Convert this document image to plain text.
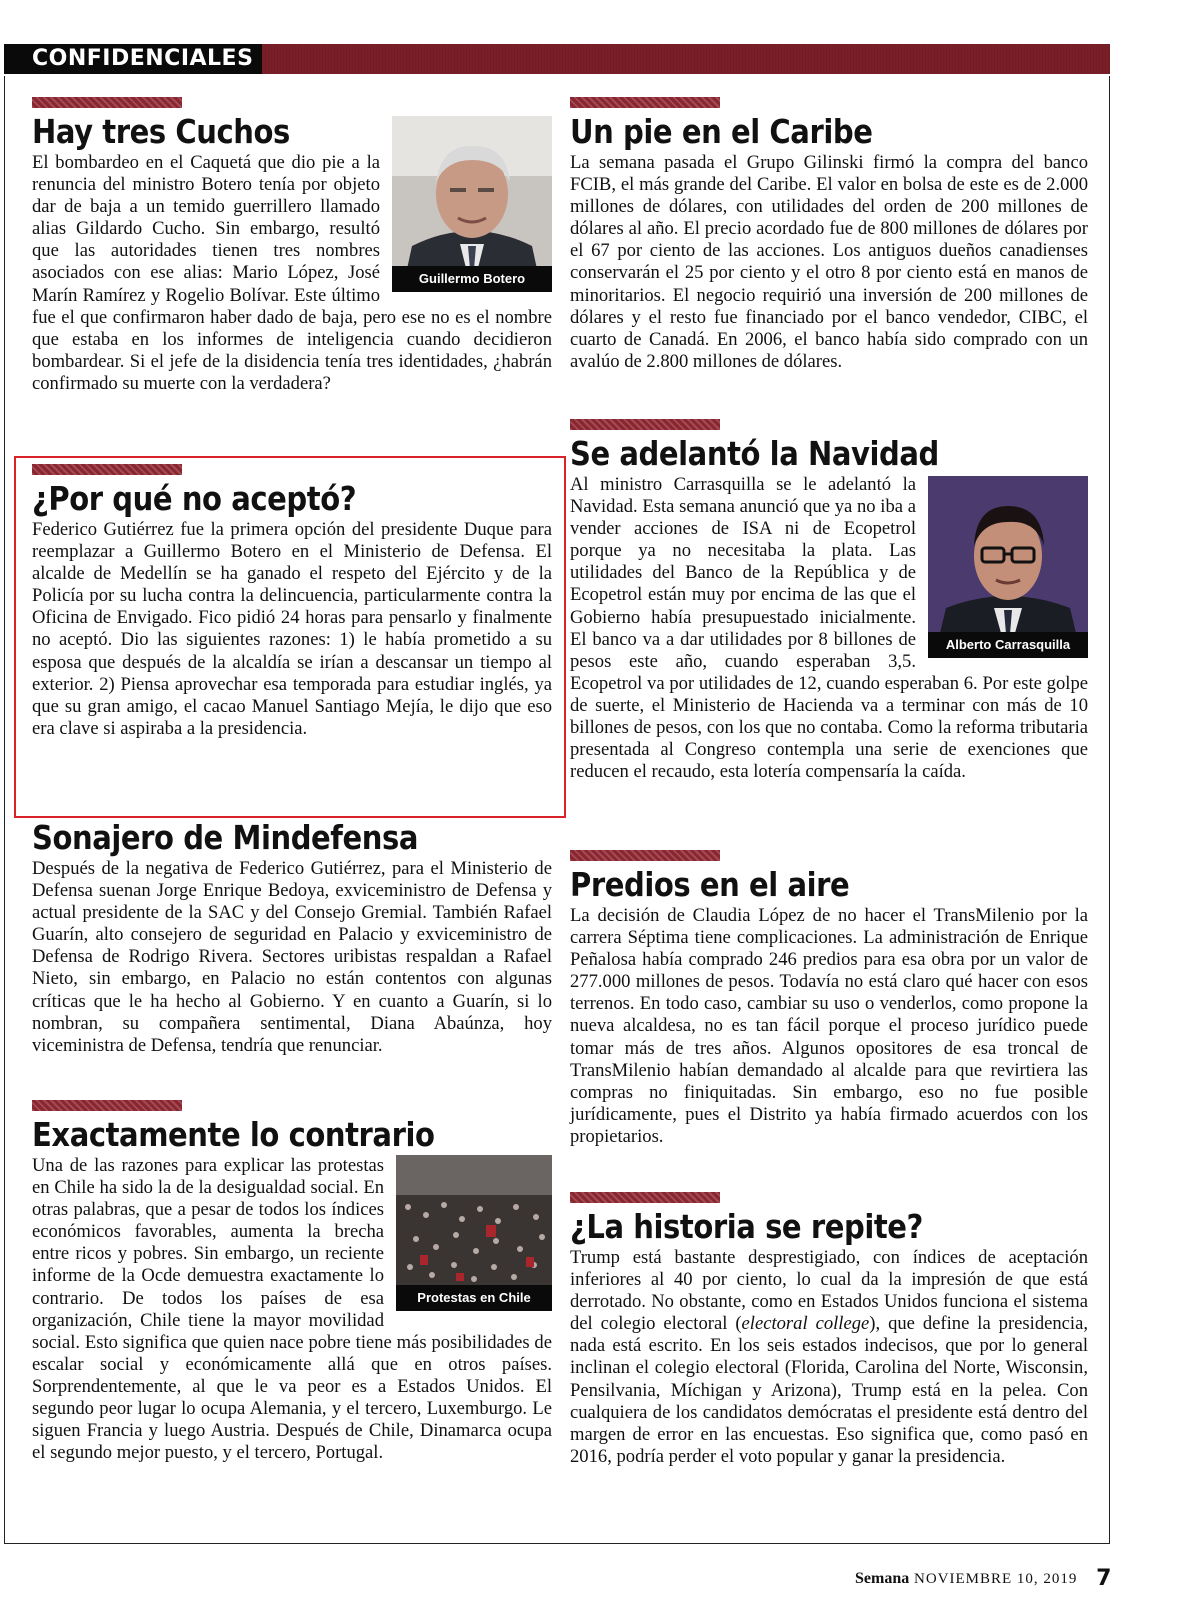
CONFIDENCIALES
Guillermo Botero
Hay tres Cuchos

El bombardeo en el Caquetá que dio pie a la renuncia del ministro Botero tenía por objeto dar de baja a un temido guerrillero llamado alias Gildardo Cucho. Sin embargo, resultó que las autoridades tienen tres nombres asociados con ese alias: Mario López, José Marín Ramírez y Rogelio Bolívar. Este último fue el que confirmaron haber dado de baja, pero ese no es el nombre que estaba en los informes de inteligencia cuando decidieron bombardear. Si el jefe de la disidencia tenía tres identidades, ¿habrán confirmado su muerte con la verdadera?

¿Por qué no aceptó?

Federico Gutiérrez fue la primera opción del presidente Duque para reemplazar a Guillermo Botero en el Ministerio de Defensa. El alcalde de Medellín se ha ganado el respeto del Ejército y de la Policía por su lucha contra la delincuencia, particularmente contra la Oficina de Envigado. Fico pidió 24 horas para pensarlo y finalmente no aceptó. Dio las siguientes razones: 1) le había prometido a su esposa que después de la alcaldía se irían a descansar un tiempo al exterior. 2) Piensa aprovechar esa temporada para estudiar inglés, ya que su gran amigo, el cacao Manuel Santiago Mejía, le dijo que eso era clave si aspiraba a la presidencia.

Sonajero de Mindefensa

Después de la negativa de Federico Gutiérrez, para el Ministerio de Defensa suenan Jorge Enrique Bedoya, exviceministro de Defensa y actual presidente de la SAC y del Consejo Gremial. También Rafael Guarín, alto consejero de seguridad en Palacio y exviceministro de Defensa de Rodrigo Rivera. Sectores uribistas respaldan a Rafael Nieto, sin embargo, en Palacio no están contentos con algunas críticas que le ha hecho al Gobierno. Y en cuanto a Guarín, si lo nombran, su compañera sentimental, Diana Abaúnza, hoy viceministra de Defensa, tendría que renunciar.

Protestas en Chile
Exactamente lo contrario

Una de las razones para explicar las protestas en Chile ha sido la de la desigualdad social. En otras palabras, que a pesar de todos los índices económicos favorables, aumenta la brecha entre ricos y pobres. Sin embargo, un reciente informe de la Ocde demuestra exactamente lo contrario. De todos los países de esa organización, Chile tiene la mayor movilidad social. Esto significa que quien nace pobre tiene más posibilidades de escalar social y económicamente allá que en otros países. Sorprendentemente, al que le va peor es a Estados Unidos. El segundo peor lugar lo ocupa Alemania, y el tercero, Luxemburgo. Le siguen Francia y luego Austria. Después de Chile, Dinamarca ocupa el segundo mejor puesto, y el tercero, Portugal.

Un pie en el Caribe

La semana pasada el Grupo Gilinski firmó la compra del banco FCIB, el más grande del Caribe. El valor en bolsa de este es de 2.000 millones de dólares, con utilidades del orden de 200 millones de dólares al año. El precio acordado fue de 800 millones de dólares por el 67 por ciento de las acciones. Los antiguos dueños canadienses conservarán el 25 por ciento y el otro 8 por ciento está en manos de minoritarios. El negocio requirió una inversión de 200 millones de dólares y el resto fue financiado por el banco vendedor, CIBC, el cuarto de Canadá. En 2006, el banco había sido comprado con un avalúo de 2.800 millones de dólares.

Se adelantó la Navidad
Alberto Carrasquilla

Al ministro Carrasquilla se le adelantó la Navidad. Esta semana anunció que ya no iba a vender acciones de ISA ni de Ecopetrol porque ya no necesitaba la plata. Las utilidades del Banco de la República y de Ecopetrol están muy por encima de las que el Gobierno había presupuestado inicialmente. El banco va a dar utilidades por 8 billones de pesos este año, cuando esperaban 3,5. Ecopetrol va por utilidades de 12, cuando esperaban 6. Por este golpe de suerte, el Ministerio de Hacienda va a terminar con más de 10 billones de pesos, con los que no contaba. Como la reforma tributaria presentada al Congreso contempla una serie de exenciones que reducen el recaudo, esta lotería compensaría la caída.

Predios en el aire

La decisión de Claudia López de no hacer el TransMilenio por la carrera Séptima tiene complicaciones. La administración de Enrique Peñalosa había comprado 246 predios para esa obra por un valor de 277.000 millones de pesos. Todavía no está claro qué hacer con esos terrenos. En todo caso, cambiar su uso o venderlos, como propone la nueva alcaldesa, no es tan fácil porque el proceso jurídico puede tomar más de tres años. Algunos opositores de esa troncal de TransMilenio habían demandado al alcalde para que revirtiera las compras no finiquitadas. Sin embargo, eso no fue posible jurídicamente, pues el Distrito ya había firmado acuerdos con los propietarios.

¿La historia se repite?

Trump está bastante desprestigiado, con índices de aceptación inferiores al 40 por ciento, lo cual da la impresión de que está derrotado. No obstante, como en Estados Unidos funciona el sistema del colegio electoral (electoral college), que define la presidencia, nada está escrito. En los seis estados indecisos, que por lo general inclinan el colegio electoral (Florida, Carolina del Norte, Wisconsin, Pensilvania, Míchigan y Arizona), Trump está en la pelea. Con cualquiera de los candidatos demócratas el presidente está dentro del margen de error en las encuestas. Eso significa que, como pasó en 2016, podría perder el voto popular y ganar la presidencia.

Semana NOVIEMBRE 10, 2019 7
